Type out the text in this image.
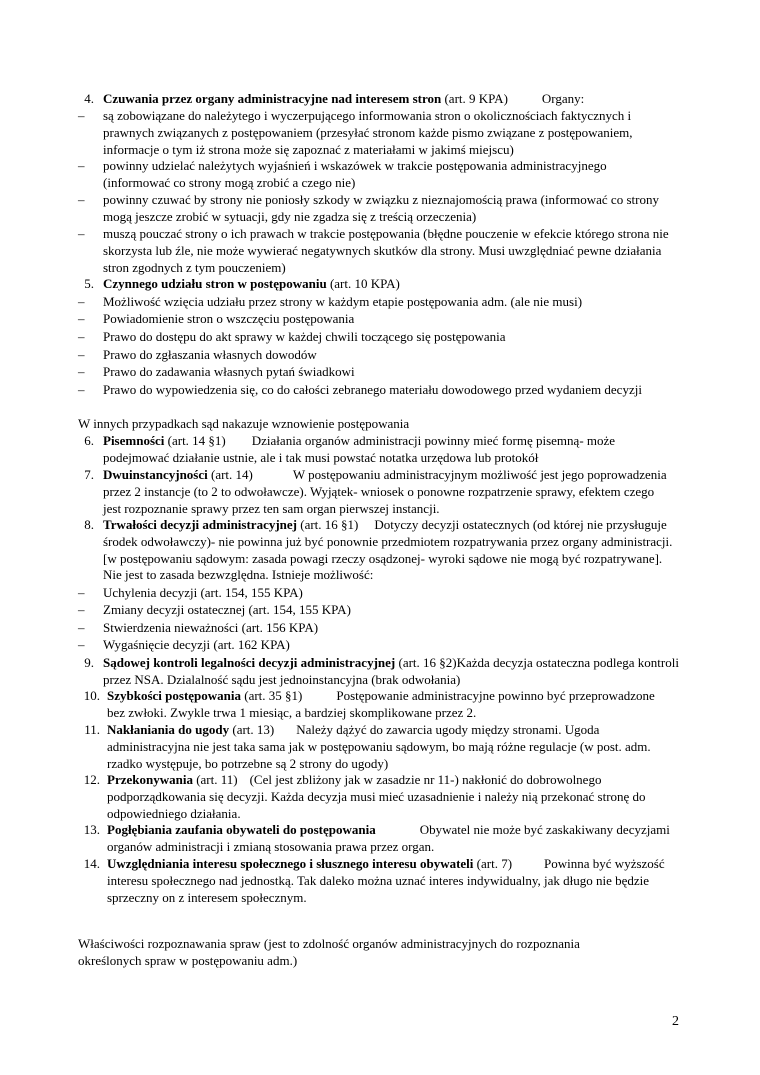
4. Czuwania przez organy administracyjne nad interesem stron (art. 9 KPA)	Organy:
– są zobowiązane do należytego i wyczerpującego informowania stron o okolicznościach faktycznych i prawnych związanych z postępowaniem (przesyłać stronom każde pismo związane z postępowaniem, informacje o tym iż strona może się zapoznać z materiałami w jakimś miejscu)
– powinny udzielać należytych wyjaśnień i wskazówek w trakcie postępowania administracyjnego (informować co strony mogą zrobić a czego nie)
– powinny czuwać by strony nie poniosły szkody w związku z nieznajomością prawa (informować co strony mogą jeszcze zrobić w sytuacji, gdy nie zgadza się z treścią orzeczenia)
– muszą pouczać strony o ich prawach w trakcie postępowania (błędne pouczenie w efekcie którego strona nie skorzysta lub źle, nie może wywierać negatywnych skutków dla strony. Musi uwzględniać pewne działania stron zgodnych z tym pouczeniem)
5. Czynnego udziału stron w postępowaniu (art. 10 KPA)
– Możliwość wzięcia udziału przez strony w każdym etapie postępowania adm. (ale nie musi)
– Powiadomienie stron o wszczęciu postępowania
– Prawo do dostępu do akt sprawy w każdej chwili toczącego się postępowania
– Prawo do zgłaszania własnych dowodów
– Prawo do zadawania własnych pytań świadkowi
– Prawo do wypowiedzenia się, co do całości zebranego materiału dowodowego przed wydaniem decyzji
W innych przypadkach sąd nakazuje wznowienie postępowania
6. Pisemności (art. 14 §1) Działania organów administracji powinny mieć formę pisemną- może podejmować działanie ustnie, ale i tak musi powstać notatka urzędowa lub protokół
7. Dwuinstancyjności (art. 14)	W postępowaniu administracyjnym możliwość jest jego poprowadzenia przez 2 instancje (to 2 to odwoławcze). Wyjątek- wniosek o ponowne rozpatrzenie sprawy, efektem czego jest rozpoznanie sprawy przez ten sam organ pierwszej instancji.
8. Trwałości decyzji administracyjnej (art. 16 §1) Dotyczy decyzji ostatecznych (od której nie przysługuje środek odwoławczy)- nie powinna już być ponownie przedmiotem rozpatrywania przez organy administracji. [w postępowaniu sądowym: zasada powagi rzeczy osądzonej- wyroki sądowe nie mogą być rozpatrywane]. Nie jest to zasada bezwzględna. Istnieje możliwość:
– Uchylenia decyzji (art. 154, 155 KPA)
– Zmiany decyzji ostatecznej (art. 154, 155 KPA)
– Stwierdzenia nieważności (art. 156 KPA)
– Wygaśnięcie decyzji (art. 162 KPA)
9. Sądowej kontroli legalności decyzji administracyjnej (art. 16 §2)Każda decyzja ostateczna podlega kontroli przez NSA. Dzialalność sądu jest jednoinstancyjna (brak odwołania)
10. Szybkości postępowania (art. 35 §1)	Postępowanie administracyjne powinno być przeprowadzone bez zwłoki. Zwykle trwa 1 miesiąc, a bardziej skomplikowane przez 2.
11. Nakłaniania do ugody (art. 13) Należy dążyć do zawarcia ugody między stronami. Ugoda administracyjna nie jest taka sama jak w postępowaniu sądowym, bo mają różne regulacje (w post. adm. rzadko występuje, bo potrzebne są 2 strony do ugody)
12. Przekonywania (art. 11) (Cel jest zbliżony jak w zasadzie nr 11-) nakłonić do dobrowolnego podporządkowania się decyzji. Każda decyzja musi mieć uzasadnienie i należy nią przekonać stronę do odpowiedniego działania.
13. Pogłębiania zaufania obywateli do postępowania	Obywatel nie może być zaskakiwany decyzjami organów administracji i zmianą stosowania prawa przez organ.
14. Uwzględniania interesu społecznego i słusznego interesu obywateli (art. 7) Powinna być wyższość interesu społecznego nad jednostką. Tak daleko można uznać interes indywidualny, jak długo nie będzie sprzeczny on z interesem społecznym.
Właściwości rozpoznawania spraw (jest to zdolność organów administracyjnych do rozpoznania określonych spraw w postępowaniu adm.)
2
